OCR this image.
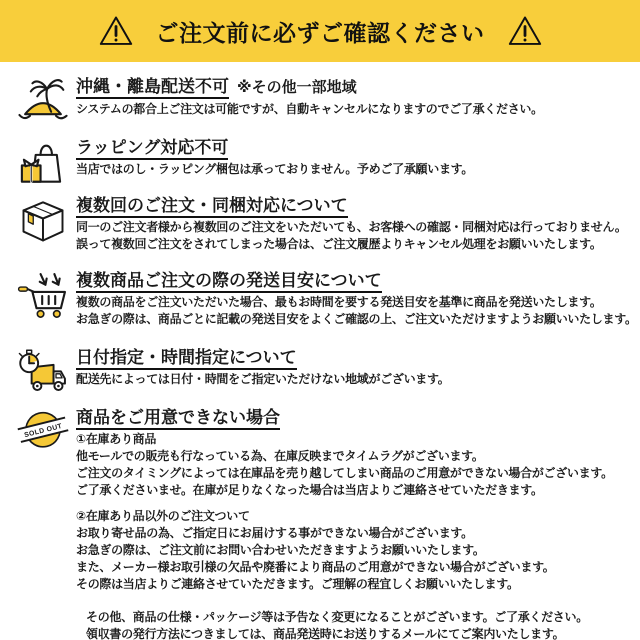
ご注文前に必ずご確認ください
沖縄・離島配送不可 ※その他一部地域
システムの都合上ご注文は可能ですが、自動キャンセルになりますのでご了承ください。
ラッピング対応不可
当店ではのし・ラッピング梱包は承っておりません。予めご了承願います。
複数回のご注文・同梱対応について
同一のご注文者様から複数回のご注文をいただいても、お客様への確認・同梱対応は行っておりません。
誤って複数回ご注文をされてしまった場合は、ご注文履歴よりキャンセル処理をお願いいたします。
複数商品ご注文の際の発送目安について
複数の商品をご注文いただいた場合、最もお時間を要する発送目安を基準に商品を発送いたします。
お急ぎの際は、商品ごとに記載の発送目安をよくご確認の上、ご注文いただけますようお願いいたします。
日付指定・時間指定について
配送先によっては日付・時間をご指定いただけない地域がございます。
SOLD OUT
商品をご用意できない場合
①在庫あり商品
他モールでの販売も行なっている為、在庫反映までタイムラグがございます。
ご注文のタイミングによっては在庫品を売り越してしまい商品のご用意ができない場合がございます。
ご了承くださいませ。在庫が足りなくなった場合は当店よりご連絡させていただきます。
②在庫あり品以外のご注文ついて
お取り寄せ品の為、ご指定日にお届けする事ができない場合がございます。
お急ぎの際は、ご注文前にお問い合わせいただきますようお願いいたします。
また、メーカー様お取引様の欠品や廃番により商品のご用意ができない場合がございます。
その際は当店よりご連絡させていただきます。ご理解の程宜しくお願いいたします。
その他、商品の仕様・パッケージ等は予告なく変更になることがございます。ご了承ください。
領収書の発行方法につきましては、商品発送時にお送りするメールにてご案内いたします。
